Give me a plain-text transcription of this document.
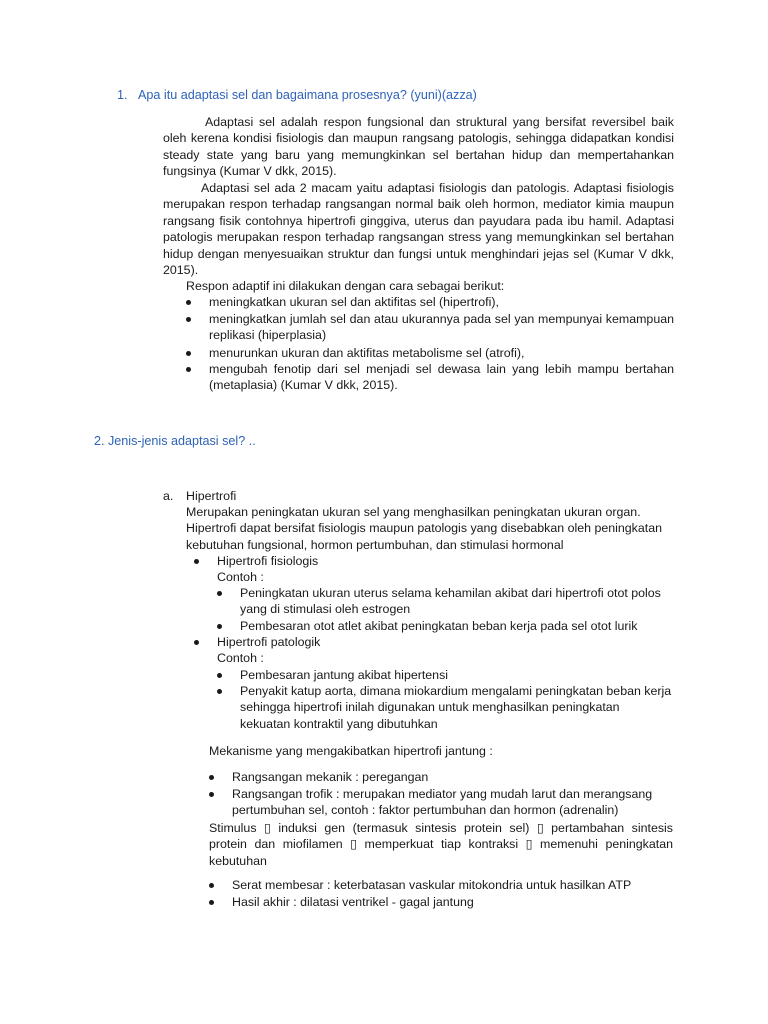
1. Apa itu adaptasi sel dan bagaimana prosesnya? (yuni)(azza)
Adaptasi sel adalah respon fungsional dan struktural yang bersifat reversibel baik oleh kerena kondisi fisiologis dan maupun rangsang patologis, sehingga didapatkan kondisi steady state yang baru yang memungkinkan sel bertahan hidup dan mempertahankan fungsinya (Kumar V dkk, 2015).
Adaptasi sel ada 2 macam yaitu adaptasi fisiologis dan patologis. Adaptasi fisiologis merupakan respon terhadap rangsangan normal baik oleh hormon, mediator kimia maupun rangsang fisik contohnya hipertrofi ginggiva, uterus dan payudara pada ibu hamil. Adaptasi patologis merupakan respon terhadap rangsangan stress yang memungkinkan sel bertahan hidup dengan menyesuaikan struktur dan fungsi untuk menghindari jejas sel (Kumar V dkk, 2015).
Respon adaptif ini dilakukan dengan cara sebagai berikut:
meningkatkan ukuran sel dan aktifitas sel (hipertrofi),
meningkatkan jumlah sel dan atau ukurannya pada sel yan mempunyai kemampuan replikasi (hiperplasia)
menurunkan ukuran dan aktifitas metabolisme sel (atrofi),
mengubah fenotip dari sel menjadi sel dewasa lain yang lebih mampu bertahan (metaplasia) (Kumar V dkk, 2015).
2. Jenis-jenis adaptasi sel? ..
a. Hipertrofi
Merupakan peningkatan ukuran sel yang menghasilkan peningkatan ukuran organ. Hipertrofi dapat bersifat fisiologis maupun patologis yang disebabkan oleh peningkatan kebutuhan fungsional, hormon pertumbuhan, dan stimulasi hormonal
Hipertrofi fisiologis
Contoh :
Peningkatan ukuran uterus selama kehamilan akibat dari hipertrofi otot polos yang di stimulasi oleh estrogen
Pembesaran otot atlet akibat peningkatan beban kerja pada sel otot lurik
Hipertrofi patologik
Contoh :
Pembesaran jantung akibat hipertensi
Penyakit katup aorta, dimana miokardium mengalami peningkatan beban kerja sehingga hipertrofi inilah digunakan untuk menghasilkan peningkatan kekuatan kontraktil yang dibutuhkan
Mekanisme yang mengakibatkan hipertrofi jantung :
Rangsangan mekanik : peregangan
Rangsangan trofik : merupakan mediator yang mudah larut dan merangsang pertumbuhan sel, contoh : faktor pertumbuhan dan hormon (adrenalin)
Stimulus ▯ induksi gen (termasuk sintesis protein sel) ▯ pertambahan sintesis protein dan miofilamen ▯ memperkuat tiap kontraksi ▯ memenuhi peningkatan kebutuhan
Serat membesar : keterbatasan vaskular mitokondria untuk hasilkan ATP
Hasil akhir : dilatasi ventrikel - gagal jantung
